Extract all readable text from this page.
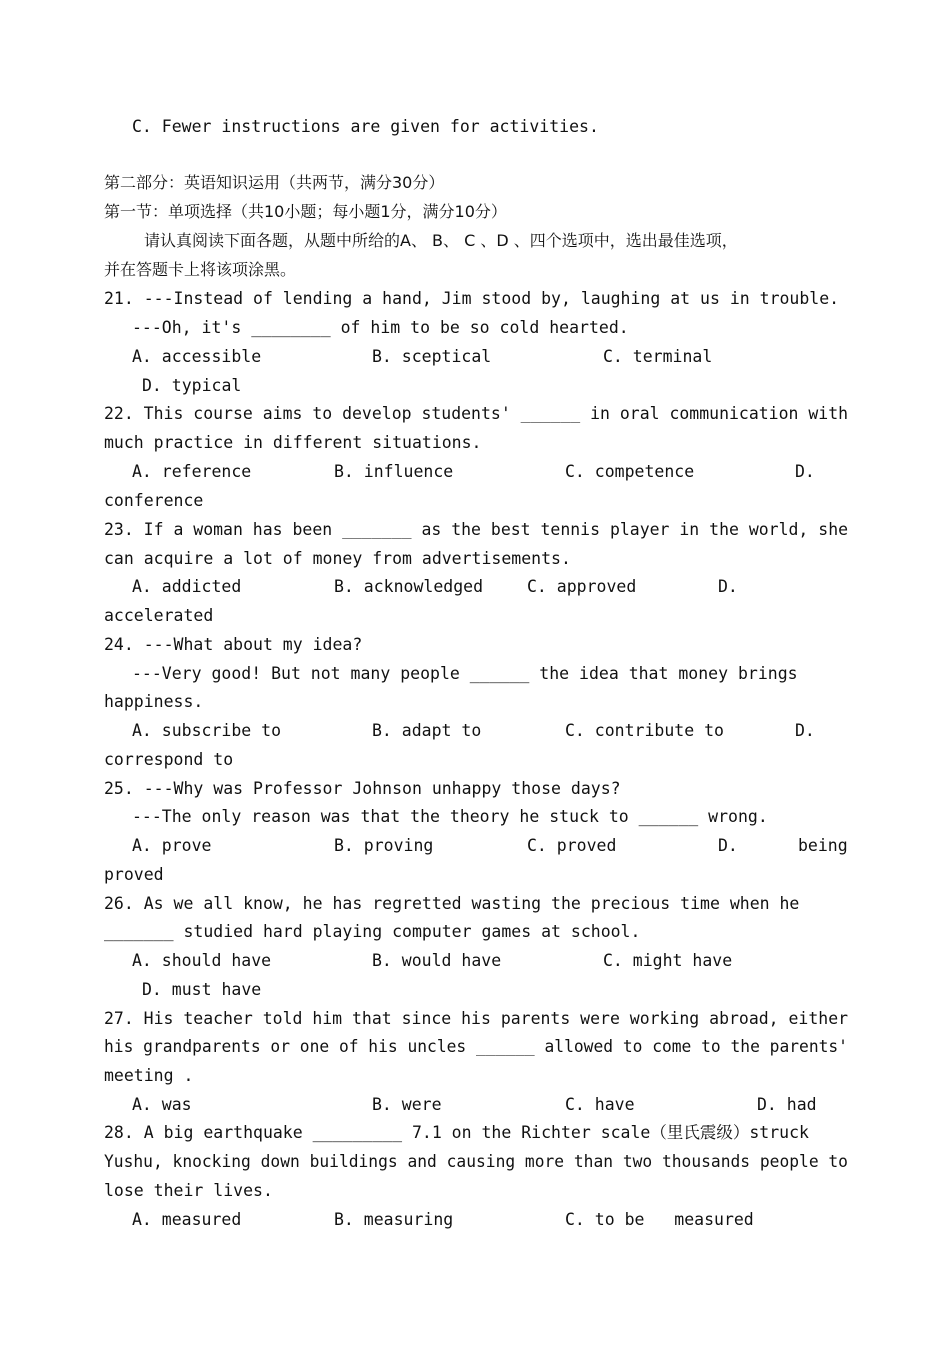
C. Fewer instructions are given for activities.
第二部分：英语知识运用（共两节，满分30分）
第一节：单项选择（共10小题；每小题1分，满分10分）
请认真阅读下面各题，从题中所给的A、 B、 C 、D 、四个选项中，选出最佳选项，
并在答题卡上将该项涂黑。
21. ---Instead of lending a hand, Jim stood by, laughing at us in trouble.
---Oh, it's ________ of him to be so cold hearted.
A. accessible	B. sceptical	C. terminal
D. typical
22. This course aims to develop students' ______ in oral communication with
much practice in different situations.
A. reference	B. influence	C. competence	D.
conference
23. If a woman has been _______ as the best tennis player in the world, she
can acquire a lot of money from advertisements.
A. addicted	B. acknowledged	C. approved	D.
accelerated
24. ---What about my idea?
---Very good! But not many people ______ the idea that money brings
happiness.
A. subscribe to	B. adapt to	C. contribute to	D.
correspond to
25. ---Why was Professor Johnson unhappy those days?
---The only reason was that the theory he stuck to ______ wrong.
A. prove	B. proving	C. proved	D.	being
proved
26. As we all know, he has regretted wasting the precious time when he
_______ studied hard playing computer games at school.
A. should have	B. would have	C. might have
D. must have
27. His teacher told him that since his parents were working abroad, either
his grandparents or one of his uncles ______ allowed to come to the parents'
meeting .
A. was	B. were	C. have	D. had
28. A big earthquake _________ 7.1 on the Richter scale（里氏震级）struck
Yushu, knocking down buildings and causing more than two thousands people to
lose their lives.
A. measured	B. measuring	C. to be   measured
